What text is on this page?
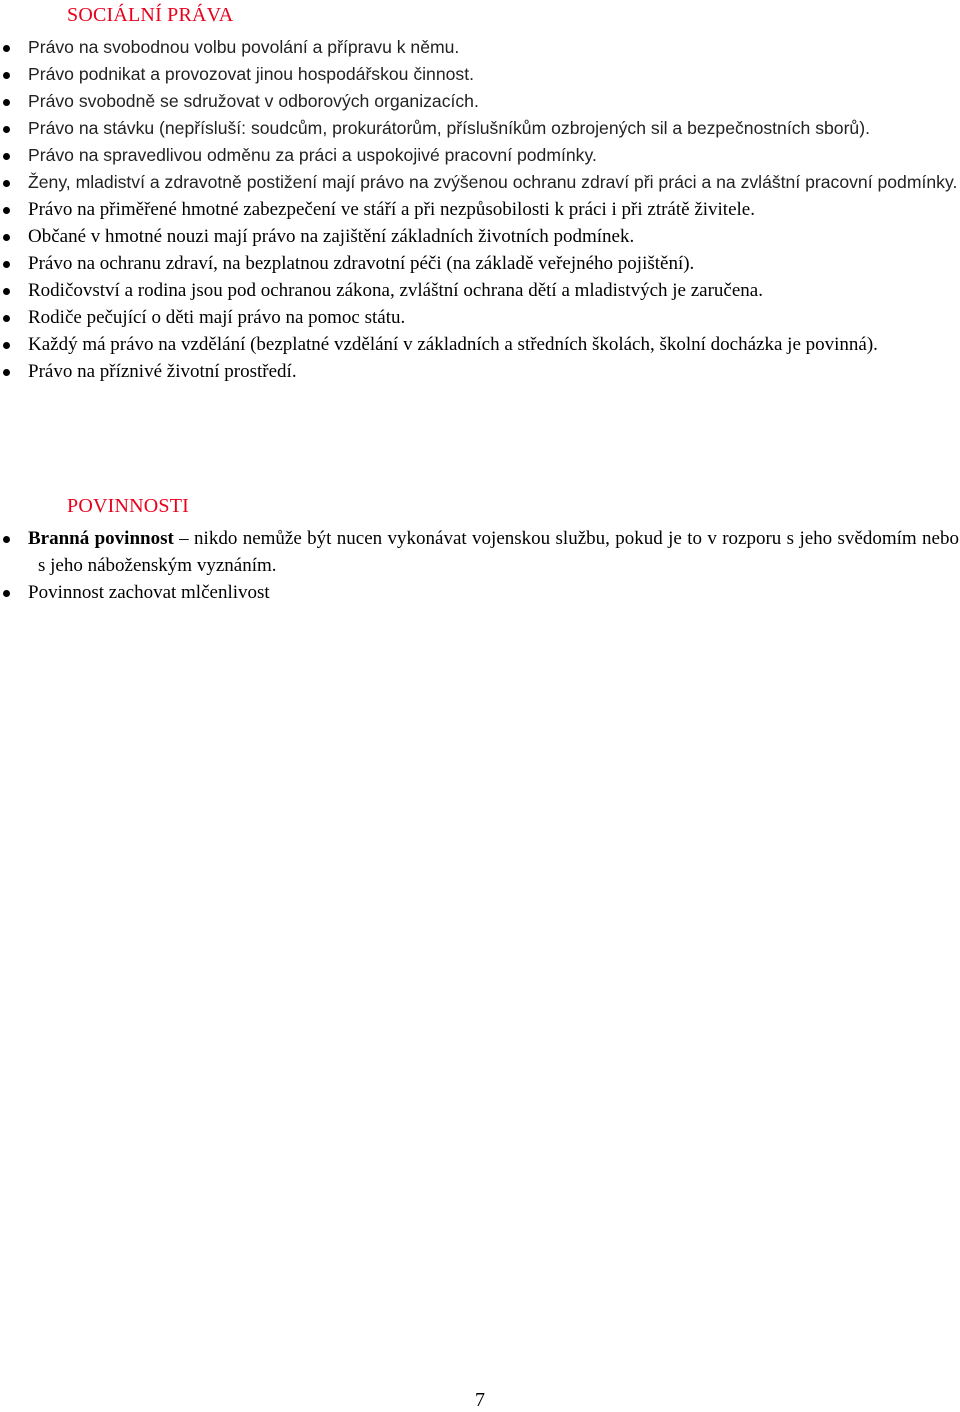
SOCIÁLNÍ PRÁVA
Právo na svobodnou volbu povolání a přípravu k němu.
Právo podnikat a provozovat jinou hospodářskou činnost.
Právo svobodně se sdružovat v odborových organizacích.
Právo na stávku (nepřísluší: soudcům, prokurátorům, příslušníkům ozbrojených sil a bezpečnostních sborů).
Právo na spravedlivou odměnu za práci a uspokojivé pracovní podmínky.
Ženy, mladiství a zdravotně postižení mají právo na zvýšenou ochranu zdraví při práci a na zvláštní pracovní podmínky.
Právo na přiměřené hmotné zabezpečení ve stáří a při nezpůsobilosti k práci i při ztrátě živitele.
Občané v hmotné nouzi mají právo na zajištění základních životních podmínek.
Právo na ochranu zdraví, na bezplatnou zdravotní péči (na základě veřejného pojištění).
Rodičovství a rodina jsou pod ochranou zákona, zvláštní ochrana dětí a mladistvých je zaručena.
Rodiče pečující o děti mají právo na pomoc státu.
Každý má právo na vzdělání (bezplatné vzdělání v základních a středních školách, školní docházka je povinná).
Právo na příznivé životní prostředí.
POVINNOSTI
Branná povinnost – nikdo nemůže být nucen vykonávat vojenskou službu, pokud je to v rozporu s jeho svědomím nebo s jeho náboženským vyznáním.
Povinnost zachovat mlčenlivost
7
